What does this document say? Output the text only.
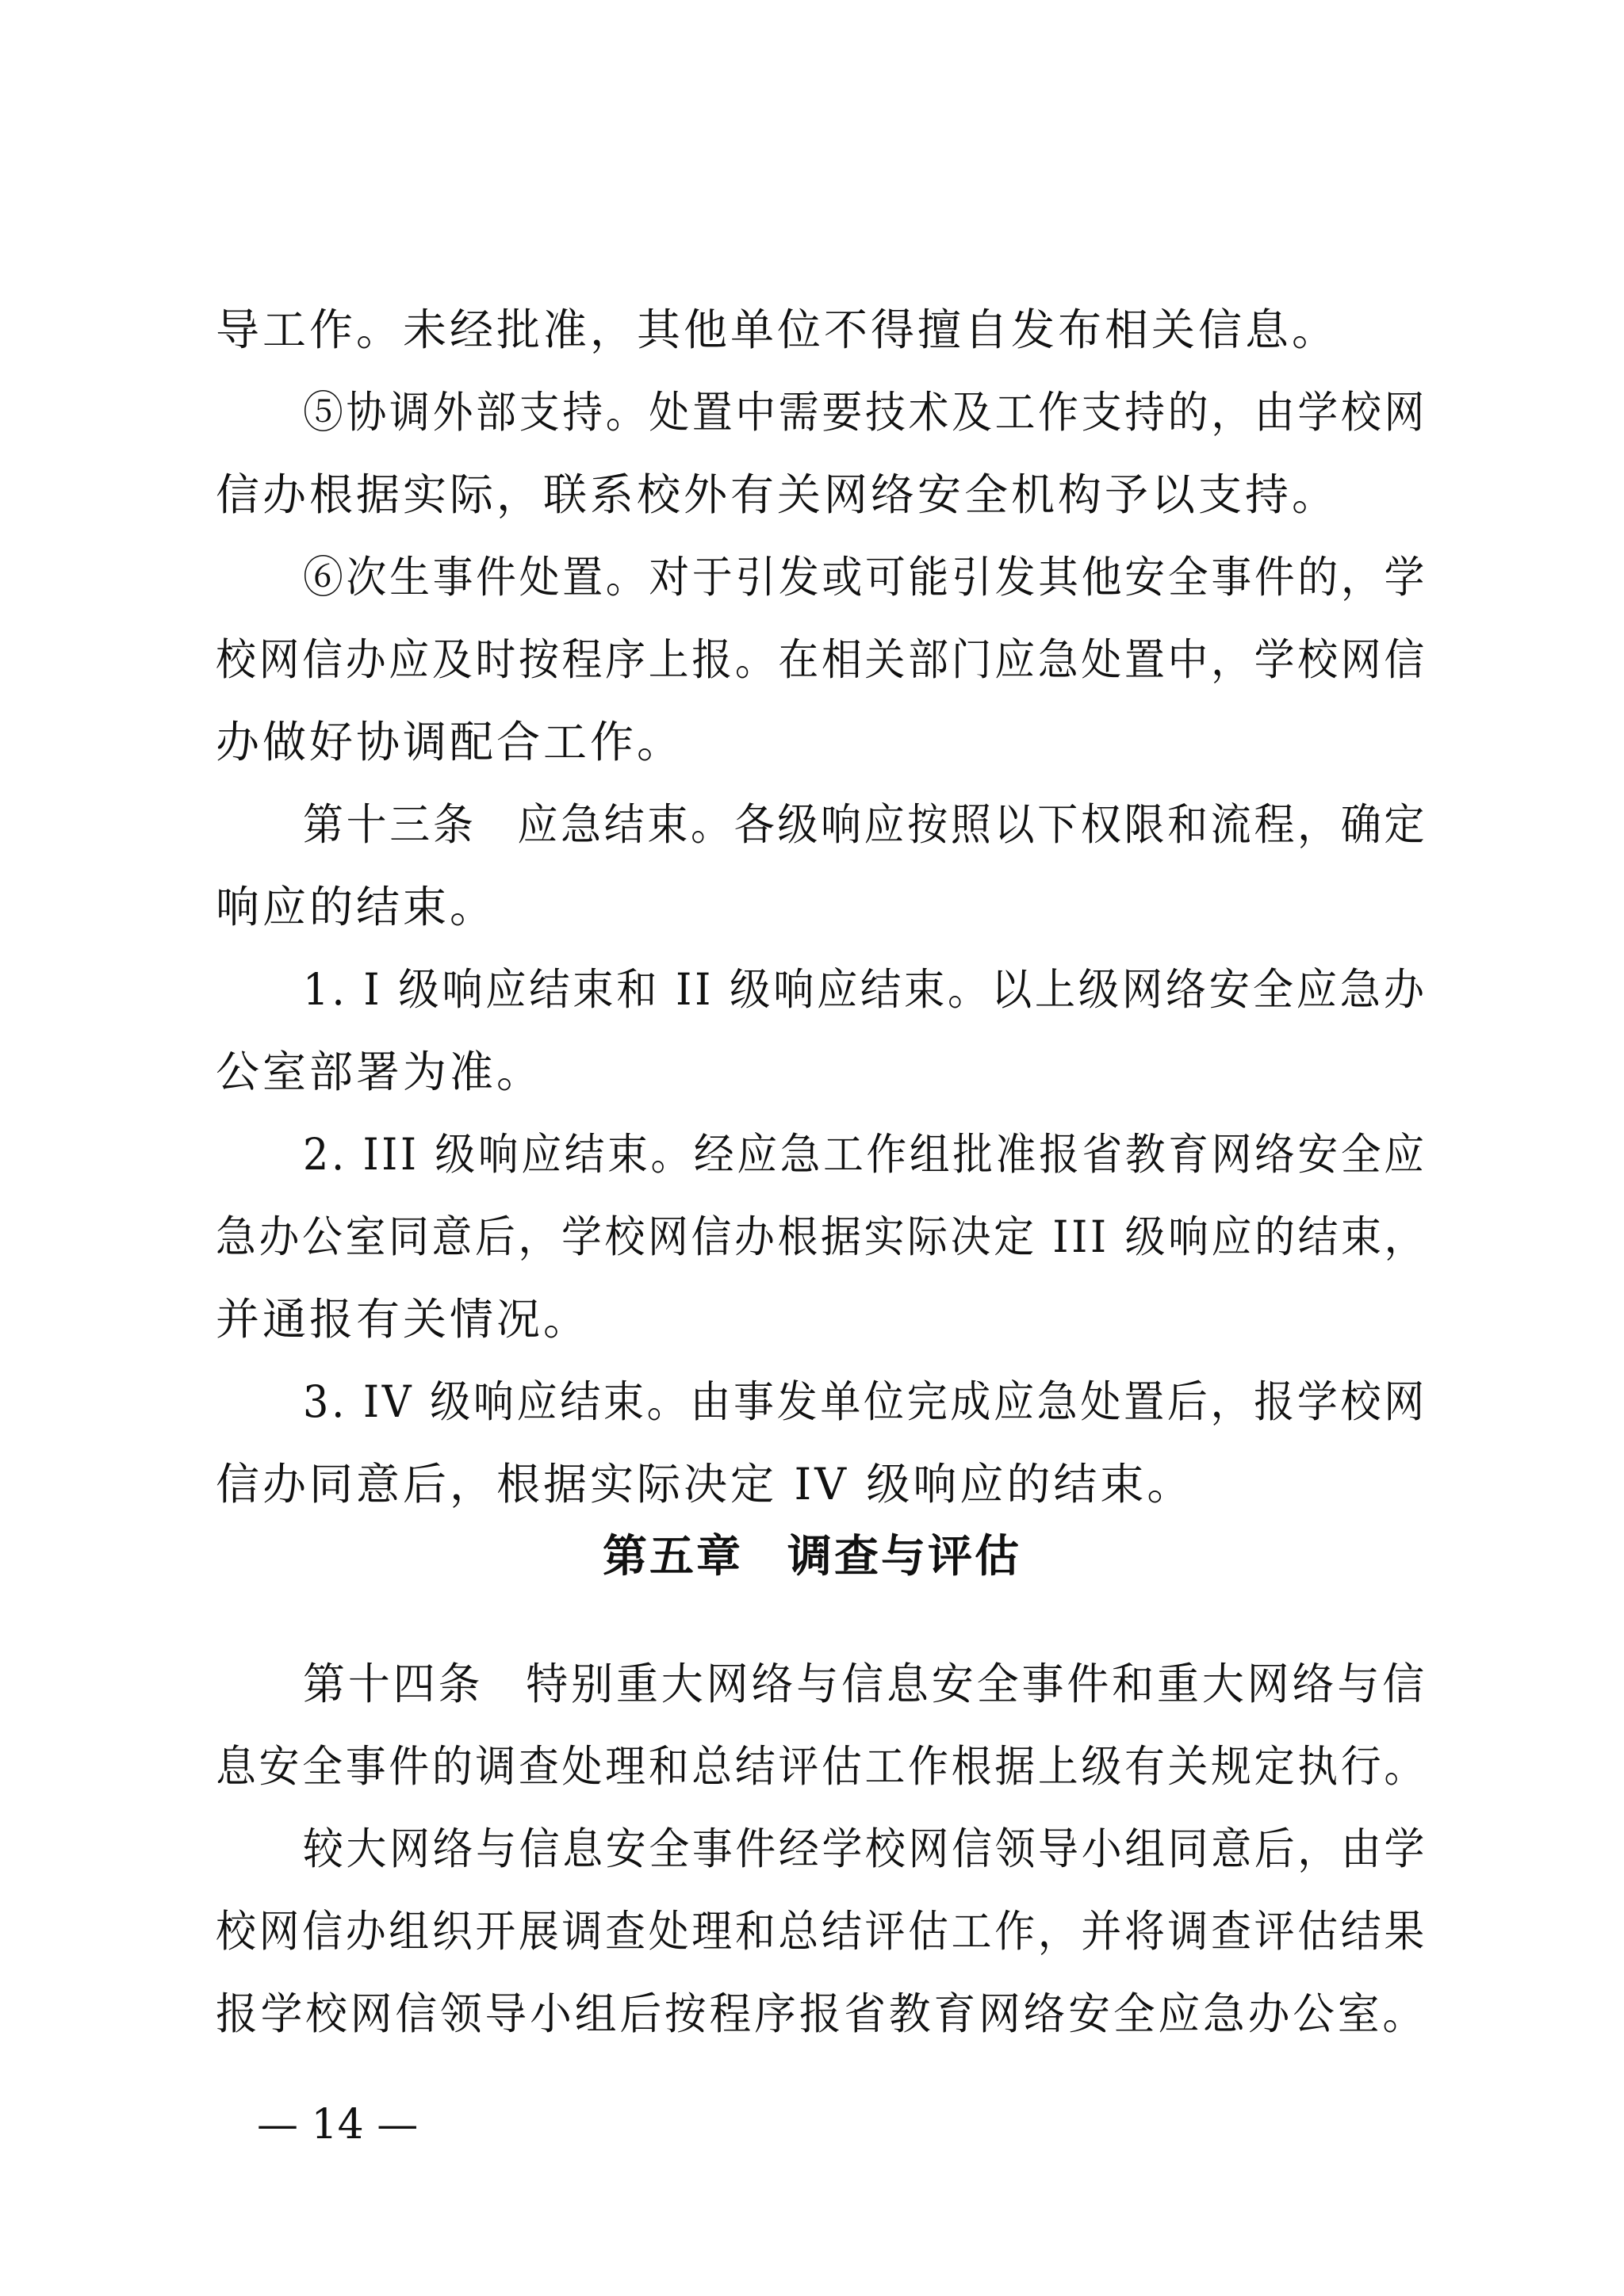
导工作。未经批准，其他单位不得擅自发布相关信息。
⑤协调外部支持。处置中需要技术及工作支持的，由学校网
信办根据实际，联系校外有关网络安全机构予以支持。
⑥次生事件处置。对于引发或可能引发其他安全事件的，学
校网信办应及时按程序上报。在相关部门应急处置中，学校网信
办做好协调配合工作。
第十三条 应急结束。各级响应按照以下权限和流程，确定
响应的结束。
1. I 级响应结束和 II 级响应结束。以上级网络安全应急办
公室部署为准。
2. III 级响应结束。经应急工作组批准报省教育网络安全应
急办公室同意后，学校网信办根据实际决定 III 级响应的结束，
并通报有关情况。
3. IV 级响应结束。由事发单位完成应急处置后，报学校网
信办同意后，根据实际决定 IV 级响应的结束。
第五章 调查与评估
第十四条 特别重大网络与信息安全事件和重大网络与信
息安全事件的调查处理和总结评估工作根据上级有关规定执行。
较大网络与信息安全事件经学校网信领导小组同意后，由学
校网信办组织开展调查处理和总结评估工作，并将调查评估结果
报学校网信领导小组后按程序报省教育网络安全应急办公室。
— 14 —
